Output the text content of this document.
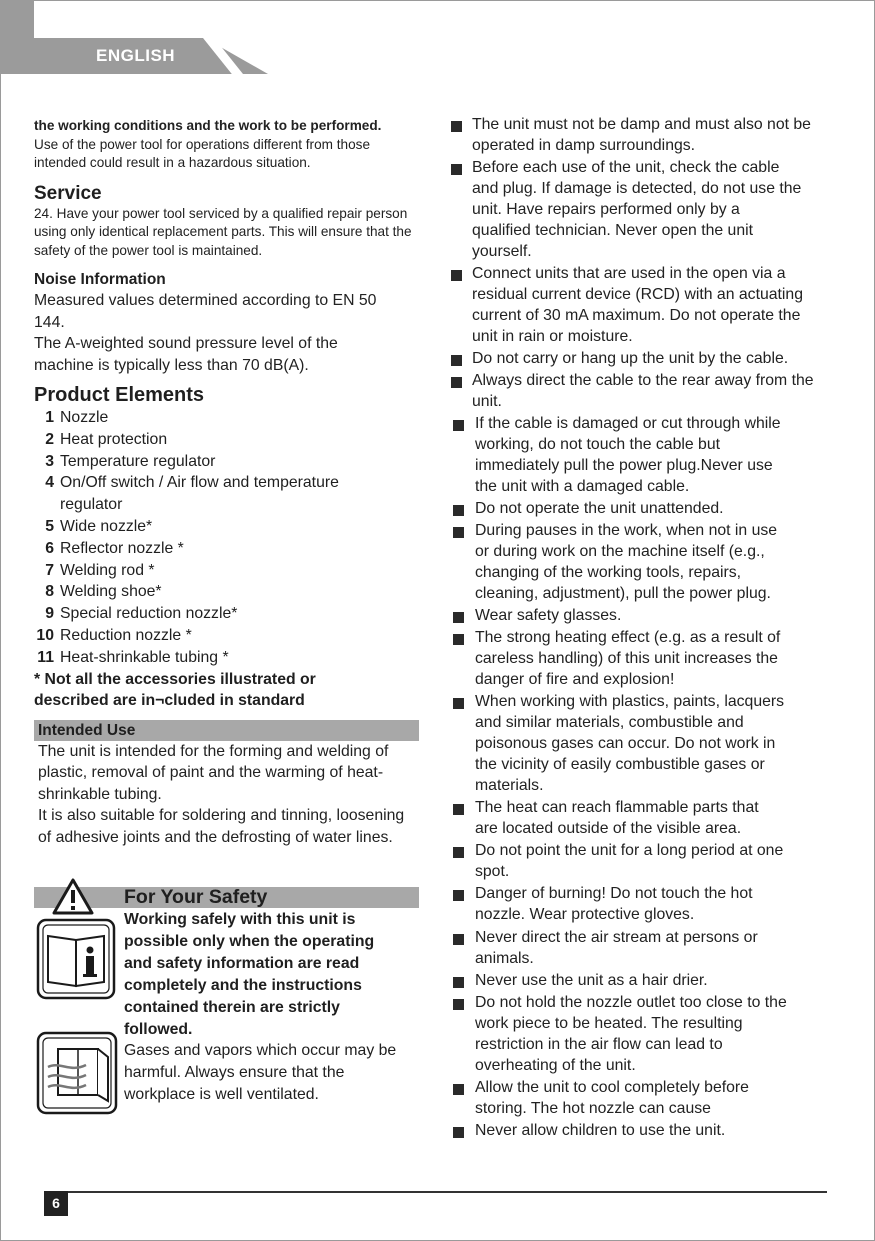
ENGLISH

the working conditions and the work to be performed.

Use of the power tool for operations different from those intended could result in a hazardous situation.

Service

24. Have your power tool serviced by a qualified repair person using only identical replacement parts. This will ensure that the safety of the power tool is maintained.

Noise Information

Measured values determined according to EN 50 144.

The A-weighted sound pressure level of the machine is typically less than 70 dB(A).

Product Elements
1 Nozzle
2 Heat protection
3 Temperature regulator
4 On/Off switch / Air flow and temperature regulator
5 Wide nozzle*
6 Reflector nozzle *
7 Welding rod *
8 Welding shoe*
9 Special reduction nozzle*
10 Reduction nozzle *
11 Heat-shrinkable tubing *

* Not all the accessories illustrated or described are in¬cluded in standard

Intended Use

The unit is intended for the forming and welding of plastic, removal of paint and the warming of heat-shrinkable tubing.

It is also suitable for soldering and tinning, loosening of adhesive joints and the defrosting of water lines.

For Your Safety
Working safely with this unit is possible only when the operating and safety information are read completely and the instructions contained therein are strictly followed.
Gases and vapors which occur may be harmful. Always ensure that the workplace is well ventilated.
The unit must not be damp and must also not be operated in damp surroundings.
Before each use of the unit, check the cable and plug. If damage is detected, do not use the unit. Have repairs performed only by a qualified technician. Never open the unit yourself.
Connect units that are used in the open via a residual current device (RCD) with an actuating current of 30 mA maximum. Do not operate the unit in rain or moisture.
Do not carry or hang up the unit by the cable.
Always direct the cable to the rear away from the unit.
If the cable is damaged or cut through while working, do not touch the cable but immediately pull the power plug.Never use the unit with a damaged cable.
Do not operate the unit unattended.
During pauses in the work, when not in use or during work on the machine itself (e.g., changing of the working tools, repairs, cleaning, adjustment), pull the power plug.
Wear safety glasses.
The strong heating effect (e.g. as a result of careless handling) of this unit increases the danger of fire and explosion!
When working with plastics, paints, lacquers and similar materials, combustible and poisonous gases can occur. Do not work in the vicinity of easily combustible gases or materials.
The heat can reach flammable parts that are located outside of the visible area.
Do not point the unit for a long period at one spot.
Danger of burning! Do not touch the hot nozzle. Wear protective gloves.
Never direct the air stream at persons or animals.
Never use the unit as a hair drier.
Do not hold the nozzle outlet too close to the work piece to be heated. The resulting restriction in the air flow can lead to overheating of the unit.
Allow the unit to cool completely before storing. The hot nozzle can cause
Never allow children to use the unit.
6
